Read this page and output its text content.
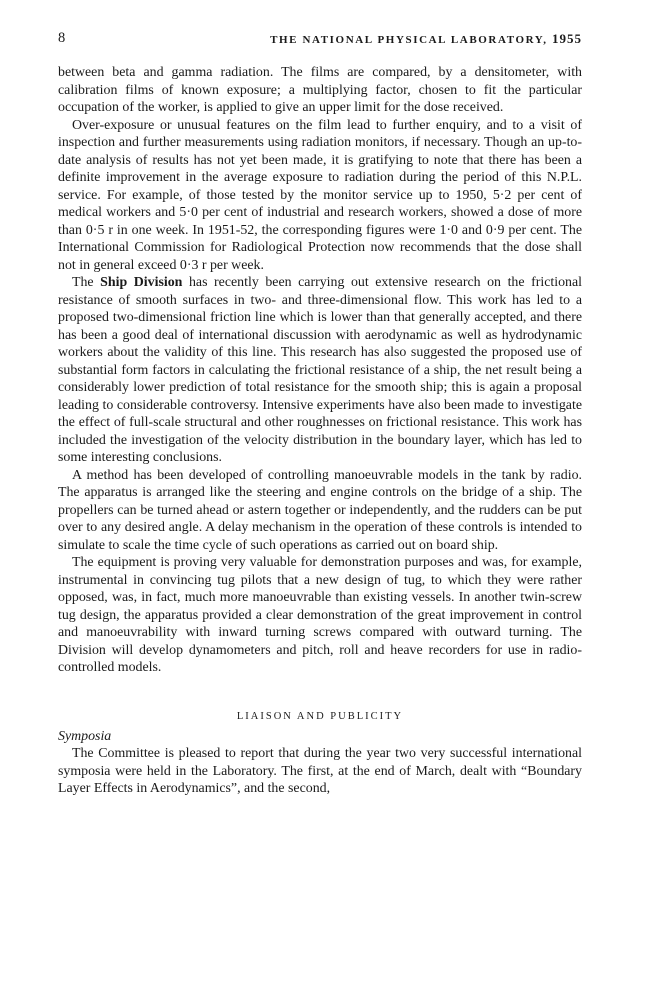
8	THE NATIONAL PHYSICAL LABORATORY, 1955

between beta and gamma radiation. The films are compared, by a densitometer, with calibration films of known exposure; a multiplying factor, chosen to fit the particular occupation of the worker, is applied to give an upper limit for the dose received.

Over-exposure or unusual features on the film lead to further enquiry, and to a visit of inspection and further measurements using radiation monitors, if necessary. Though an up-to-date analysis of results has not yet been made, it is gratifying to note that there has been a definite improvement in the average exposure to radiation during the period of this N.P.L. service. For example, of those tested by the monitor service up to 1950, 5·2 per cent of medical workers and 5·0 per cent of industrial and research workers, showed a dose of more than 0·5 r in one week. In 1951-52, the corresponding figures were 1·0 and 0·9 per cent. The International Commission for Radiological Protection now recommends that the dose shall not in general exceed 0·3 r per week.

The Ship Division has recently been carrying out extensive research on the frictional resistance of smooth surfaces in two- and three-dimensional flow. This work has led to a proposed two-dimensional friction line which is lower than that generally accepted, and there has been a good deal of international discussion with aerodynamic as well as hydrodynamic workers about the validity of this line. This research has also suggested the proposed use of substantial form factors in calculating the frictional resistance of a ship, the net result being a considerably lower prediction of total resistance for the smooth ship; this is again a proposal leading to considerable controversy. Intensive experiments have also been made to investigate the effect of full-scale structural and other roughnesses on frictional resistance. This work has included the investigation of the velocity distribution in the boundary layer, which has led to some interesting conclusions.

A method has been developed of controlling manoeuvrable models in the tank by radio. The apparatus is arranged like the steering and engine controls on the bridge of a ship. The propellers can be turned ahead or astern together or independently, and the rudders can be put over to any desired angle. A delay mechanism in the operation of these controls is intended to simulate to scale the time cycle of such operations as carried out on board ship.

The equipment is proving very valuable for demonstration purposes and was, for example, instrumental in convincing tug pilots that a new design of tug, to which they were rather opposed, was, in fact, much more manoeuvrable than existing vessels. In another twin-screw tug design, the apparatus provided a clear demonstration of the great improvement in control and manoeuvrability with inward turning screws compared with outward turning. The Division will develop dynamometers and pitch, roll and heave recorders for use in radio-controlled models.

LIAISON AND PUBLICITY
Symposia

The Committee is pleased to report that during the year two very successful international symposia were held in the Laboratory. The first, at the end of March, dealt with “Boundary Layer Effects in Aerodynamics”, and the second,
